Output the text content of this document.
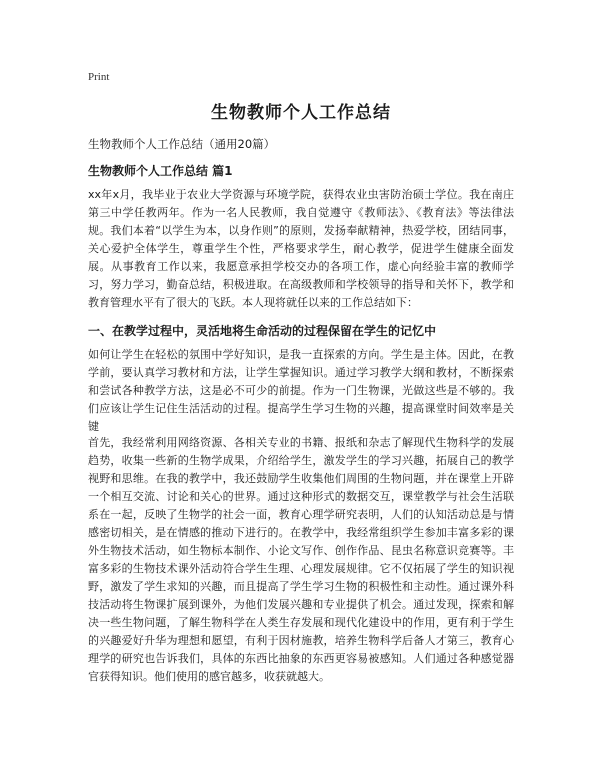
Print
生物教师个人工作总结

生物教师个人工作总结（通用20篇）

生物教师个人工作总结 篇1

xx年x月，我毕业于农业大学资源与环境学院，获得农业虫害防治硕士学位。我在南庄第三中学任教两年。作为一名人民教师，我自觉遵守《教师法》、《教育法》等法律法规。我们本着“以学生为本，以身作则”的原则，发扬奉献精神，热爱学校，团结同事，关心爱护全体学生，尊重学生个性，严格要求学生，耐心教学，促进学生健康全面发展。从事教育工作以来，我愿意承担学校交办的各项工作，虚心向经验丰富的教师学习，努力学习，勤奋总结，积极进取。在高级教师和学校领导的指导和关怀下，教学和教育管理水平有了很大的飞跃。本人现将就任以来的工作总结如下：

一、在教学过程中，灵活地将生命活动的过程保留在学生的记忆中

如何让学生在轻松的氛围中学好知识，是我一直探索的方向。学生是主体。因此，在教学前，要认真学习教材和方法，让学生掌握知识。通过学习教学大纲和教材，不断探索和尝试各种教学方法，这是必不可少的前提。作为一门生物课，光做这些是不够的。我们应该让学生记住生活活动的过程。提高学生学习生物的兴趣，提高课堂时间效率是关键

首先，我经常利用网络资源、各相关专业的书籍、报纸和杂志了解现代生物科学的发展趋势，收集一些新的生物学成果，介绍给学生，激发学生的学习兴趣，拓展自己的教学视野和思维。在我的教学中，我还鼓励学生收集他们周围的生物问题，并在课堂上开辟一个相互交流、讨论和关心的世界。通过这种形式的数据交互，课堂教学与社会生活联系在一起，反映了生物学的社会一面，教育心理学研究表明，人们的认知活动总是与情感密切相关，是在情感的推动下进行的。在教学中，我经常组织学生参加丰富多彩的课外生物技术活动，如生物标本制作、小论文写作、创作作品、昆虫名称意识竞赛等。丰富多彩的生物技术课外活动符合学生生理、心理发展规律。它不仅拓展了学生的知识视野，激发了学生求知的兴趣，而且提高了学生学习生物的积极性和主动性。通过课外科技活动将生物课扩展到课外，为他们发展兴趣和专业提供了机会。通过发现，探索和解决一些生物问题，了解生物科学在人类生存发展和现代化建设中的作用，更有利于学生的兴趣爱好升华为理想和愿望，有利于因材施教，培养生物科学后备人才第三，教育心理学的研究也告诉我们，具体的东西比抽象的东西更容易被感知。人们通过各种感觉器官获得知识。他们使用的感官越多，收获就越大。
